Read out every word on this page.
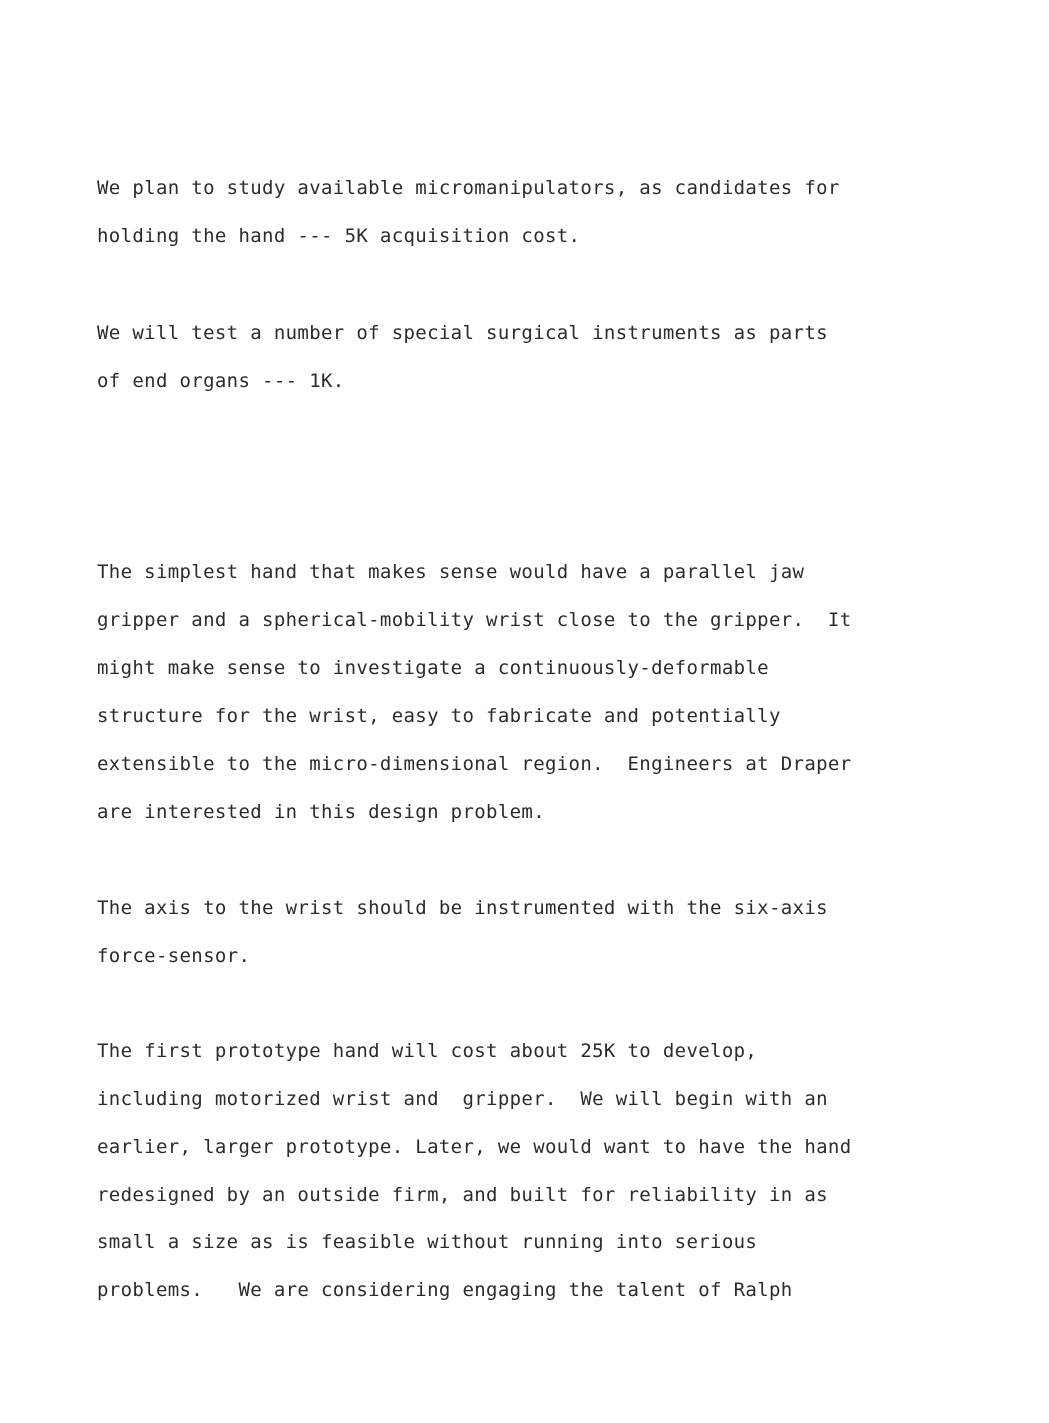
We plan to study available micromanipulators, as candidates for

holding the hand --- 5K acquisition cost.

We will test a number of special surgical instruments as parts

of end organs --- 1K.

The simplest hand that makes sense would have a parallel jaw

gripper and a spherical-mobility wrist close to the gripper.  It

might make sense to investigate a continuously-deformable

structure for the wrist, easy to fabricate and potentially

extensible to the micro-dimensional region.  Engineers at Draper

are interested in this design problem.

The axis to the wrist should be instrumented with the six-axis

force-sensor.

The first prototype hand will cost about 25K to develop,

including motorized wrist and  gripper.  We will begin with an

earlier, larger prototype. Later, we would want to have the hand

redesigned by an outside firm, and built for reliability in as

small a size as is feasible without running into serious

problems.   We are considering engaging the talent of Ralph
